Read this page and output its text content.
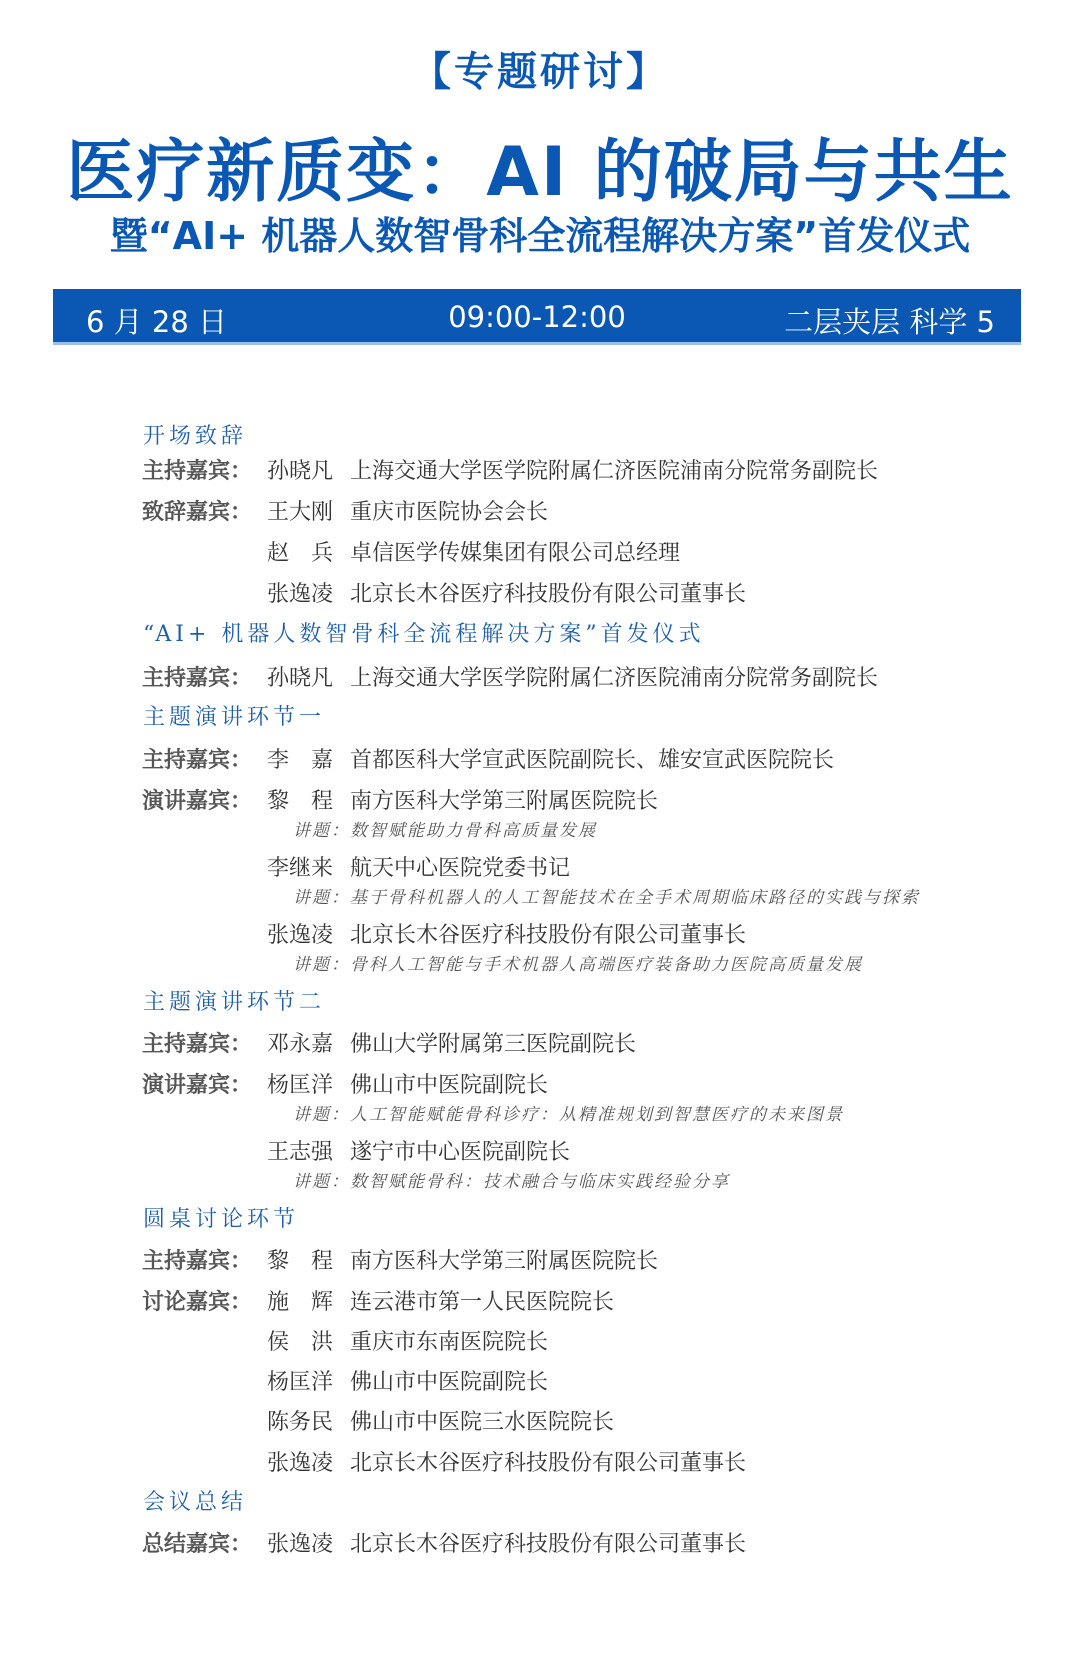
【专题研讨】
医疗新质变：AI 的破局与共生
暨“AI+ 机器人数智骨科全流程解决方案”首发仪式
09:00-12:00
6 月 28 日	二层夹层 科学 5
开场致辞
主持嘉宾： 孙晓凡 上海交通大学医学院附属仁济医院浦南分院常务副院长
致辞嘉宾： 王大刚 重庆市医院协会会长
赵　兵 卓信医学传媒集团有限公司总经理
张逸凌 北京长木谷医疗科技股份有限公司董事长
“AI+ 机器人数智骨科全流程解决方案”首发仪式
主持嘉宾： 孙晓凡 上海交通大学医学院附属仁济医院浦南分院常务副院长
主题演讲环节一
主持嘉宾： 李　嘉 首都医科大学宣武医院副院长、雄安宣武医院院长
演讲嘉宾： 黎　程 南方医科大学第三附属医院院长
讲题：数智赋能助力骨科高质量发展
李继来 航天中心医院党委书记
讲题：基于骨科机器人的人工智能技术在全手术周期临床路径的实践与探索
张逸凌 北京长木谷医疗科技股份有限公司董事长
讲题：骨科人工智能与手术机器人高端医疗装备助力医院高质量发展
主题演讲环节二
主持嘉宾： 邓永嘉 佛山大学附属第三医院副院长
演讲嘉宾： 杨匡洋 佛山市中医院副院长
讲题：人工智能赋能骨科诊疗：从精准规划到智慧医疗的未来图景
王志强 遂宁市中心医院副院长
讲题：数智赋能骨科：技术融合与临床实践经验分享
圆桌讨论环节
主持嘉宾： 黎　程 南方医科大学第三附属医院院长
讨论嘉宾： 施　辉 连云港市第一人民医院院长
侯　洪 重庆市东南医院院长
杨匡洋 佛山市中医院副院长
陈务民 佛山市中医院三水医院院长
张逸凌 北京长木谷医疗科技股份有限公司董事长
会议总结
总结嘉宾： 张逸凌 北京长木谷医疗科技股份有限公司董事长
